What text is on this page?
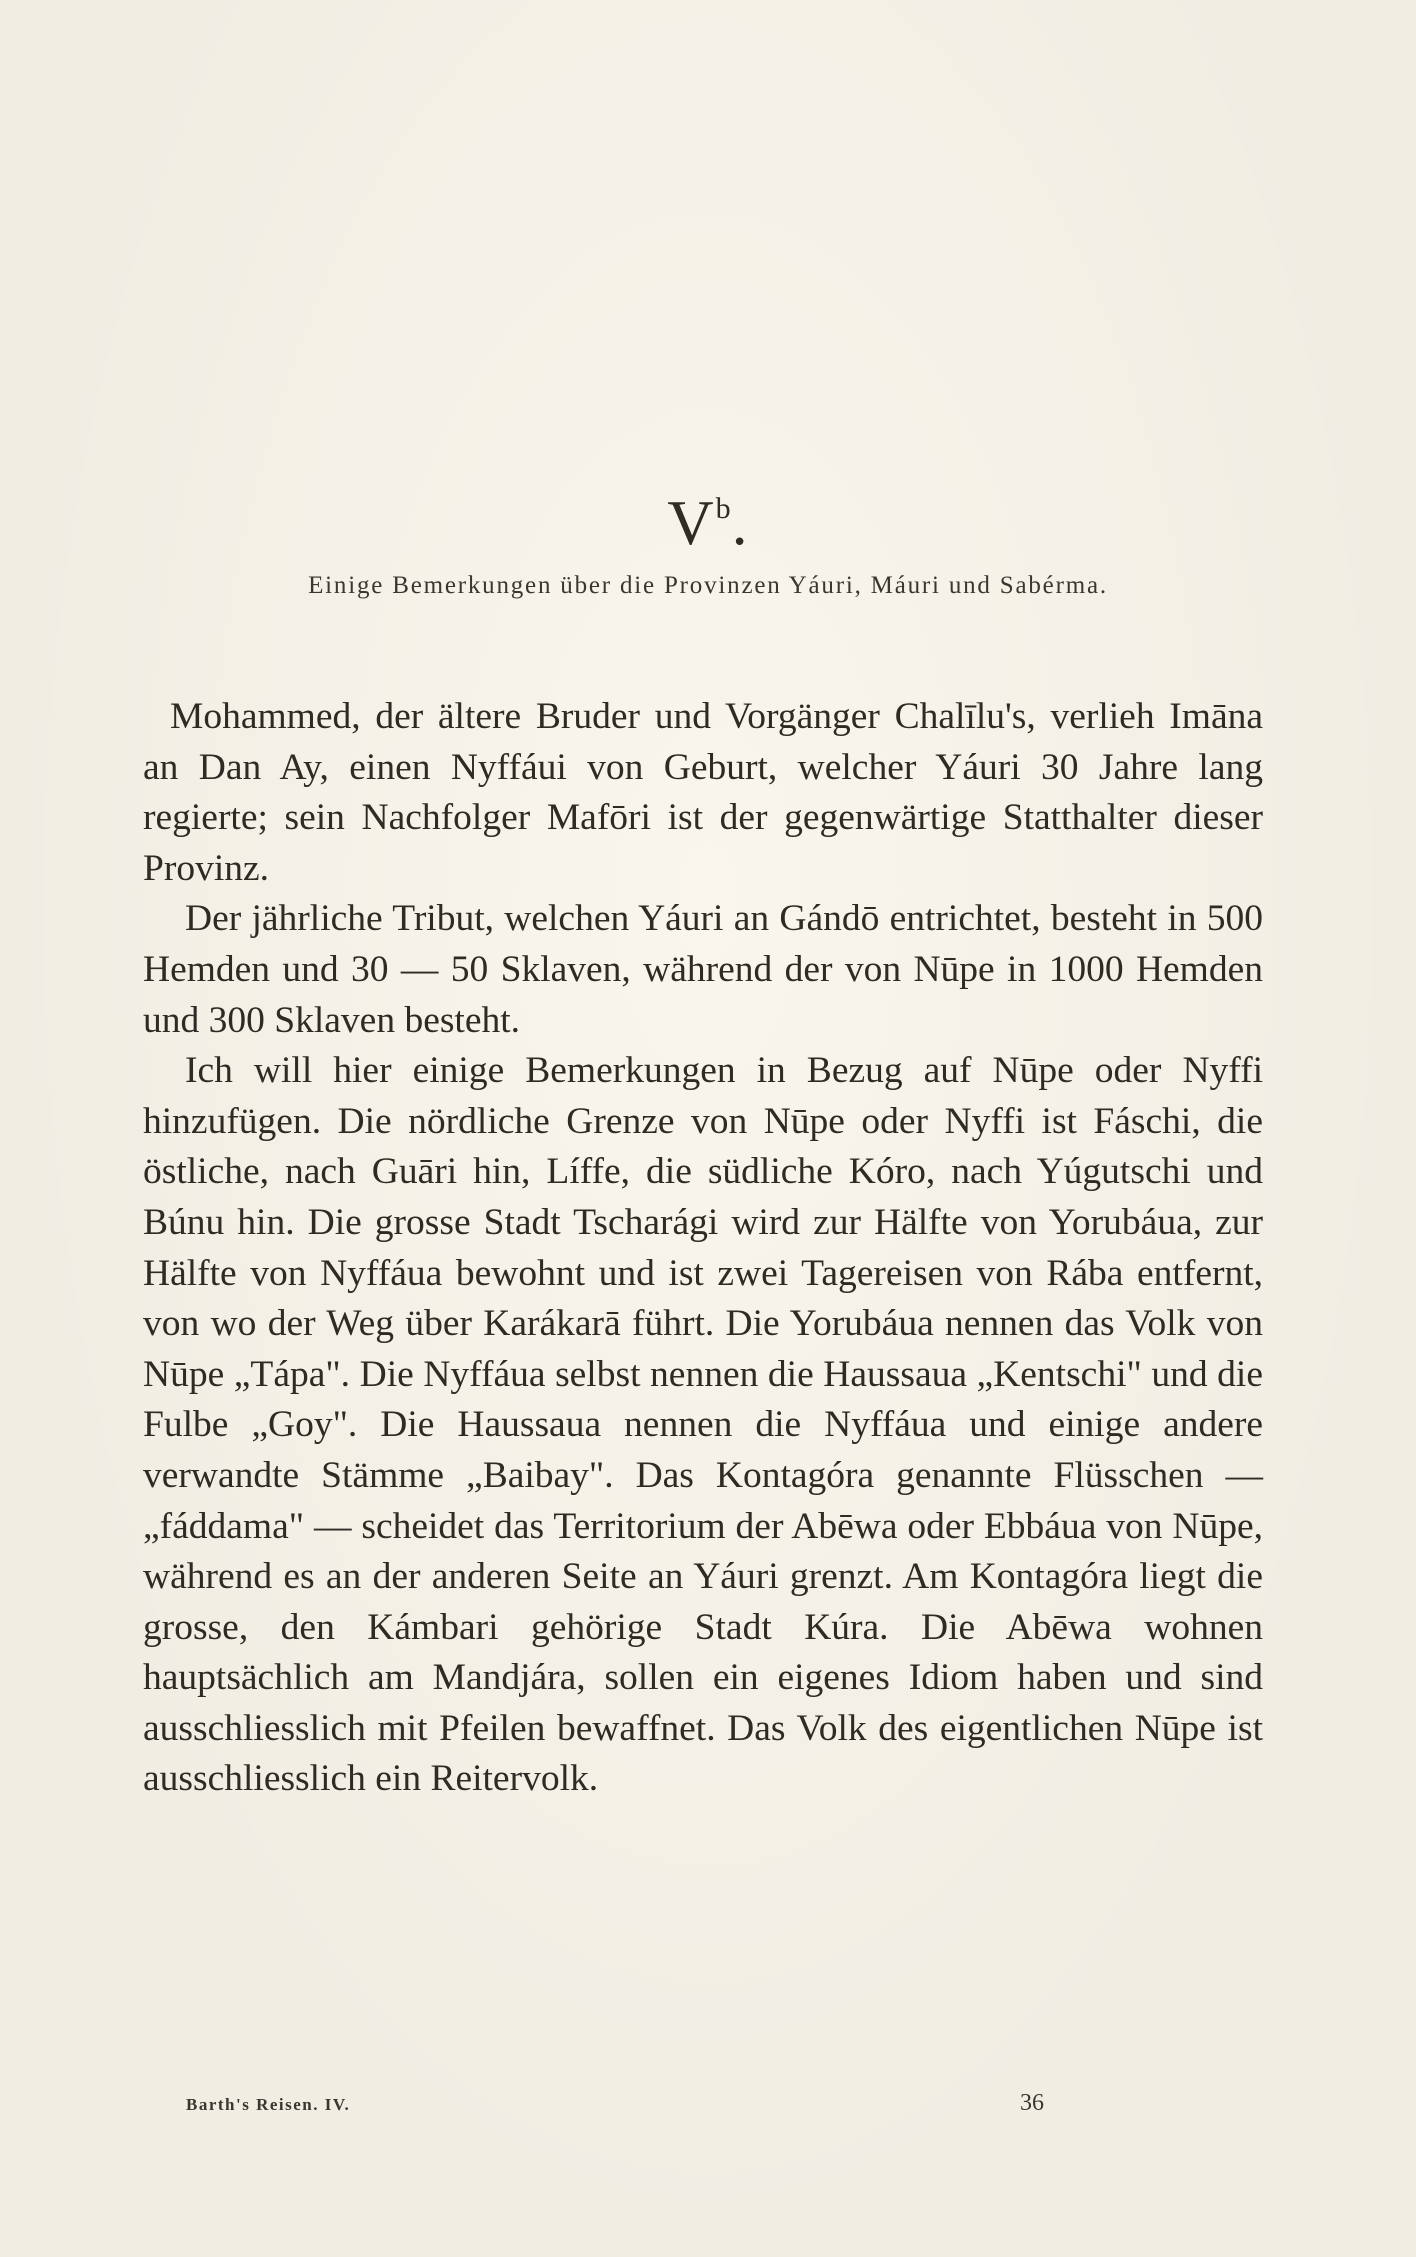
$V^b$.
Einige Bemerkungen über die Provinzen Yáuri, Máuri und Sabérma.

Mohammed, der ältere Bruder und Vorgänger Chalīlu's, verlieh Imāna an Dan Ay, einen Nyffáui von Geburt, welcher Yáuri 30 Jahre lang regierte; sein Nachfolger Mafōri ist der gegenwärtige Statthalter dieser Provinz.

Der jährliche Tribut, welchen Yáuri an Gándō entrichtet, besteht in 500 Hemden und 30 — 50 Sklaven, während der von Nūpe in 1000 Hemden und 300 Sklaven besteht.

Ich will hier einige Bemerkungen in Bezug auf Nūpe oder Nyffi hinzufügen. Die nördliche Grenze von Nūpe oder Nyffi ist Fáschi, die östliche, nach Guāri hin, Líffe, die südliche Kóro, nach Yúgutschi und Búnu hin. Die grosse Stadt Tscharági wird zur Hälfte von Yorubáua, zur Hälfte von Nyffáua bewohnt und ist zwei Tagereisen von Rába entfernt, von wo der Weg über Karákarā führt. Die Yorubáua nennen das Volk von Nūpe „Tápa". Die Nyffáua selbst nennen die Haussaua „Kentschi" und die Fulbe „Goy". Die Haussaua nennen die Nyffáua und einige andere verwandte Stämme „Baibay". Das Kontagóra genannte Flüsschen — „fáddama" — scheidet das Territorium der Abēwa oder Ebbáua von Nūpe, während es an der anderen Seite an Yáuri grenzt. Am Kontagóra liegt die grosse, den Kámbari gehörige Stadt Kúra. Die Abēwa wohnen hauptsächlich am Mandjára, sollen ein eigenes Idiom haben und sind ausschliesslich mit Pfeilen bewaffnet. Das Volk des eigentlichen Nūpe ist ausschliesslich ein Reitervolk.

Barth's Reisen. IV.	36
